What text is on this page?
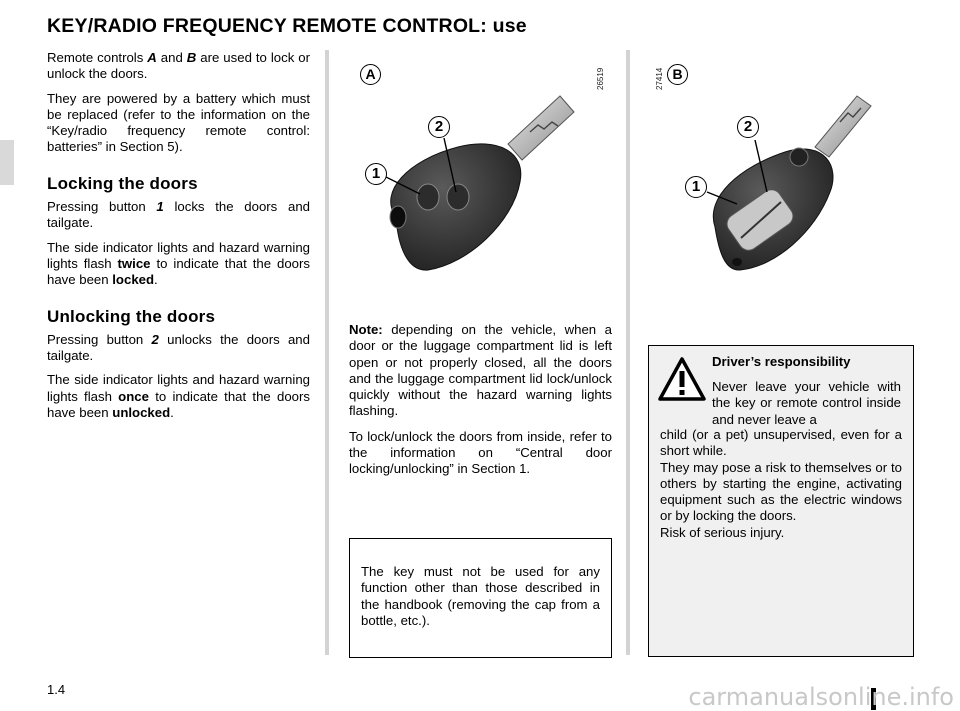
KEY/RADIO FREQUENCY REMOTE CONTROL: use

Remote controls A and B are used to lock or unlock the doors.

They are powered by a battery which must be replaced (refer to the information on the “Key/radio frequency remote control: batteries” in Section 5).

Locking the doors

Pressing button 1 locks the doors and tailgate.

The side indicator lights and hazard warning lights flash twice to indicate that the doors have been locked.

Unlocking the doors

Pressing button 2 unlocks the doors and tailgate.

The side indicator lights and hazard warning lights flash once to indicate that the doors have been unlocked.

A	26519
1
2
B
27414
1
2

Note: depending on the vehicle, when a door or the luggage compartment lid is left open or not properly closed, all the doors and the luggage compartment lid lock/unlock quickly without the hazard warning lights flashing.

To lock/unlock the doors from inside, refer to the information on “Central door locking/unlocking” in Section 1.

The key must not be used for any function other than those described in the handbook (removing the cap from a bottle, etc.).

Driver’s responsibility
Never leave your vehicle with the key or remote control inside and never leave a
child (or a pet) unsupervised, even for a short while.
They may pose a risk to themselves or to others by starting the engine, activating equipment such as the electric windows or by locking the doors.
Risk of serious injury.
1.4	carmanualsonline.info
